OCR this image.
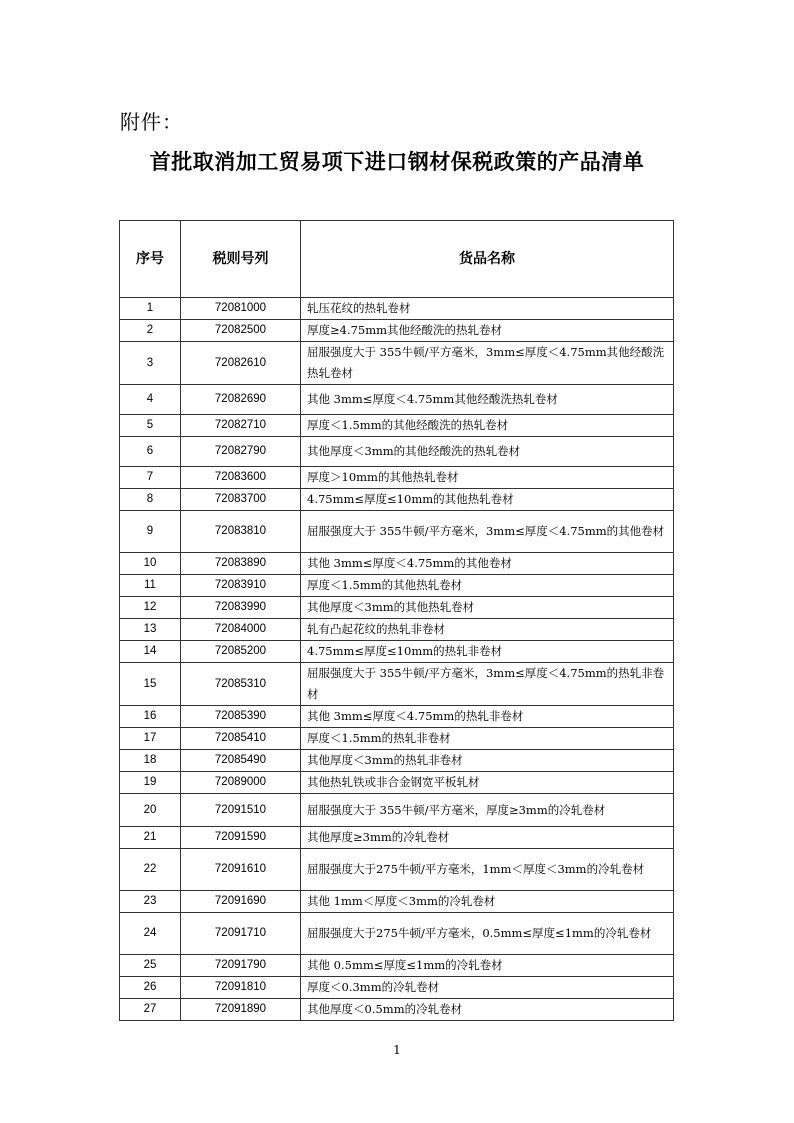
附件：
首批取消加工贸易项下进口钢材保税政策的产品清单
序号	税则号列	货品名称
1	72081000	轧压花纹的热轧卷材
2	72082500	厚度≥4.75mm其他经酸洗的热轧卷材
3	72082610	屈服强度大于 355牛顿/平方毫米，3mm≤厚度＜4.75mm其他经酸洗热轧卷材
4	72082690	其他 3mm≤厚度＜4.75mm其他经酸洗热轧卷材
5	72082710	厚度＜1.5mm的其他经酸洗的热轧卷材
6	72082790	其他厚度＜3mm的其他经酸洗的热轧卷材
7	72083600	厚度＞10mm的其他热轧卷材
8	72083700	4.75mm≤厚度≤10mm的其他热轧卷材
9	72083810	屈服强度大于 355牛顿/平方毫米，3mm≤厚度＜4.75mm的其他卷材
10	72083890	其他 3mm≤厚度＜4.75mm的其他卷材
11	72083910	厚度＜1.5mm的其他热轧卷材
12	72083990	其他厚度＜3mm的其他热轧卷材
13	72084000	轧有凸起花纹的热轧非卷材
14	72085200	4.75mm≤厚度≤10mm的热轧非卷材
15	72085310	屈服强度大于 355牛顿/平方毫米，3mm≤厚度＜4.75mm的热轧非卷材
16	72085390	其他 3mm≤厚度＜4.75mm的热轧非卷材
17	72085410	厚度＜1.5mm的热轧非卷材
18	72085490	其他厚度＜3mm的热轧非卷材
19	72089000	其他热轧铁或非合金钢宽平板轧材
20	72091510	屈服强度大于 355牛顿/平方毫米，厚度≥3mm的冷轧卷材
21	72091590	其他厚度≥3mm的冷轧卷材
22	72091610	屈服强度大于275牛顿/平方毫米，1mm＜厚度＜3mm的冷轧卷材
23	72091690	其他 1mm＜厚度＜3mm的冷轧卷材
24	72091710	屈服强度大于275牛顿/平方毫米，0.5mm≤厚度≤1mm的冷轧卷材
25	72091790	其他 0.5mm≤厚度≤1mm的冷轧卷材
26	72091810	厚度＜0.3mm的冷轧卷材
27	72091890	其他厚度＜0.5mm的冷轧卷材
1
